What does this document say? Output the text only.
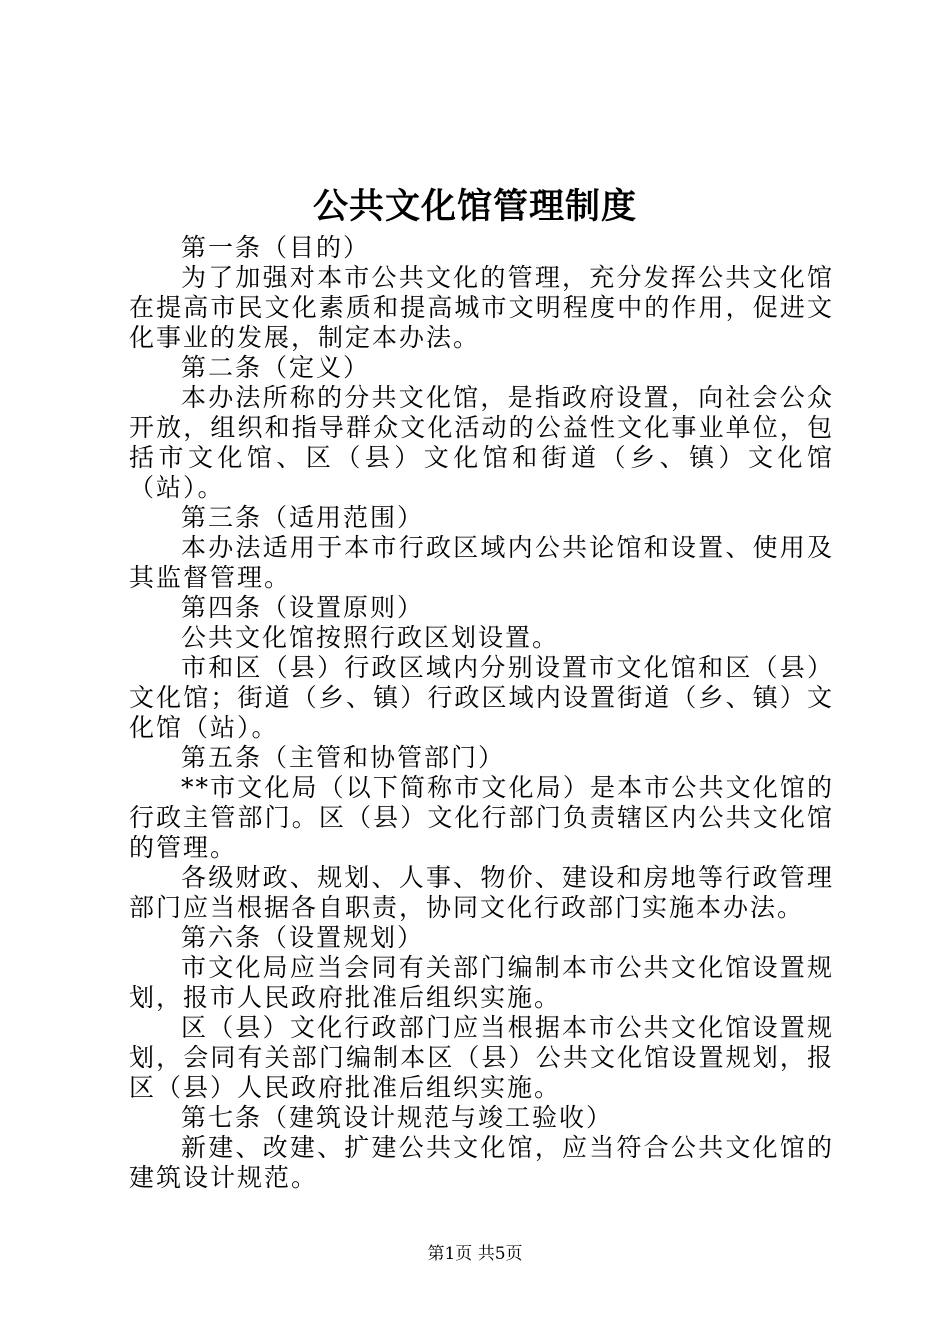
公共文化馆管理制度

第一条（目的）

为了加强对本市公共文化的管理，充分发挥公共文化馆在提高市民文化素质和提高城市文明程度中的作用，促进文化事业的发展，制定本办法。

第二条（定义）

本办法所称的分共文化馆，是指政府设置，向社会公众开放，组织和指导群众文化活动的公益性文化事业单位，包括市文化馆、区（县）文化馆和街道（乡、镇）文化馆（站）。

第三条（适用范围）

本办法适用于本市行政区域内公共论馆和设置、使用及其监督管理。

第四条（设置原则）

公共文化馆按照行政区划设置。

市和区（县）行政区域内分别设置市文化馆和区（县）文化馆；街道（乡、镇）行政区域内设置街道（乡、镇）文化馆（站）。

第五条（主管和协管部门）

**市文化局（以下简称市文化局）是本市公共文化馆的行政主管部门。区（县）文化行部门负责辖区内公共文化馆的管理。

各级财政、规划、人事、物价、建设和房地等行政管理部门应当根据各自职责，协同文化行政部门实施本办法。

第六条（设置规划）

市文化局应当会同有关部门编制本市公共文化馆设置规划，报市人民政府批准后组织实施。

区（县）文化行政部门应当根据本市公共文化馆设置规划，会同有关部门编制本区（县）公共文化馆设置规划，报区（县）人民政府批准后组织实施。

第七条（建筑设计规范与竣工验收）

新建、改建、扩建公共文化馆，应当符合公共文化馆的建筑设计规范。

第1页 共5页
